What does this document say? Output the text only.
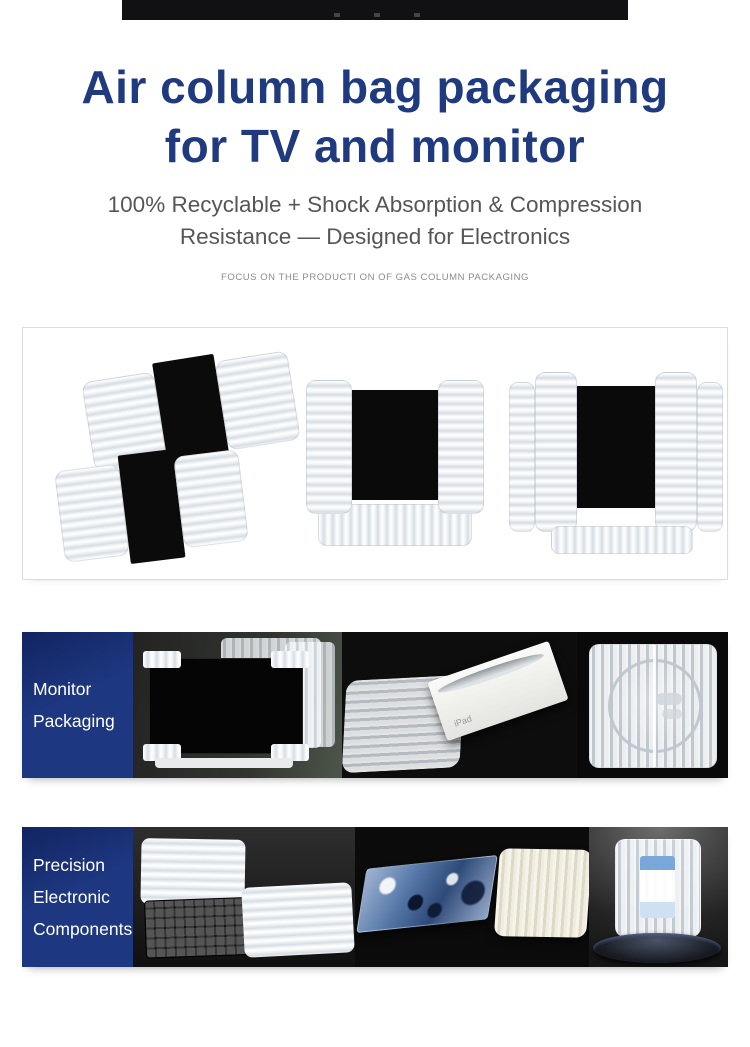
Air column bag packaging
for TV and monitor

100% Recyclable + Shock Absorption & Compression Resistance — Designed for Electronics

FOCUS ON THE PRODUCTI ON OF GAS COLUMN PACKAGING

Monitor
Packaging	iPad
Precision
Electronic
Components
